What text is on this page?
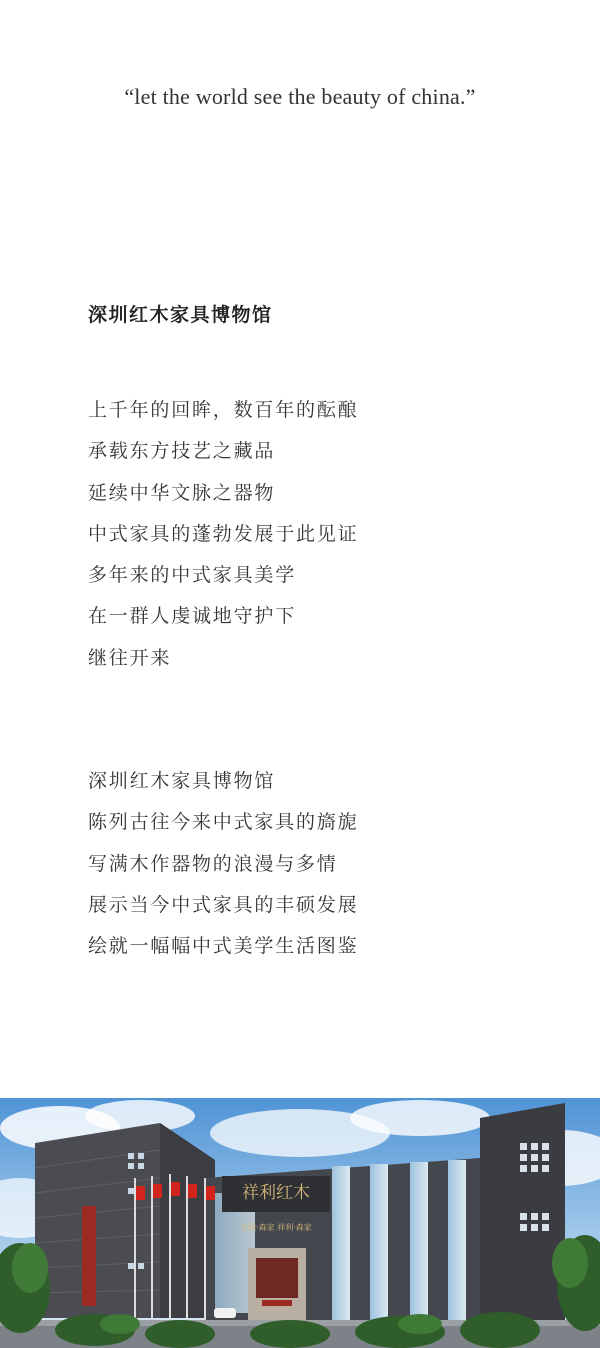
“let the world see the beauty of china.”
深圳红木家具博物馆
上千年的回眸，数百年的酝酿
承载东方技艺之藏品
延续中华文脉之器物
中式家具的蓬勃发展于此见证
多年来的中式家具美学
在一群人虔诚地守护下
继往开来
深圳红木家具博物馆
陈列古往今来中式家具的旖旎
写满木作器物的浪漫与多情
展示当今中式家具的丰硕发展
绘就一幅幅中式美学生活图鉴
祥利红木
友联·森家 祥利·森家
